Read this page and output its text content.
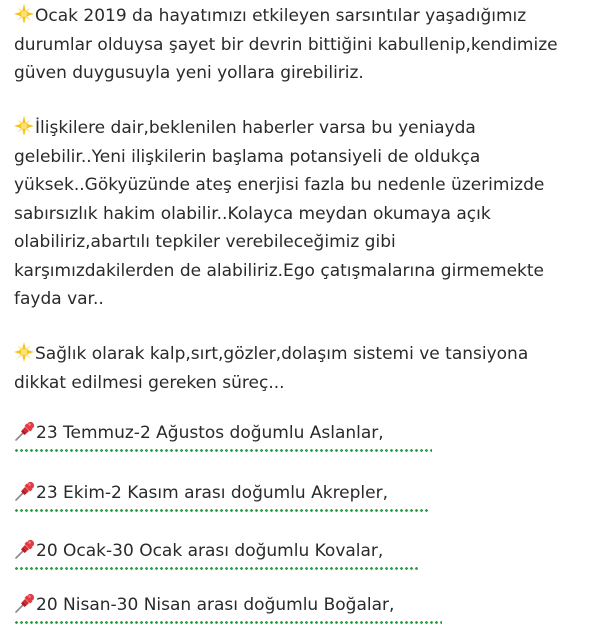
Ocak 2019 da hayatımızı etkileyen sarsıntılar yaşadığımız
durumlar olduysa şayet bir devrin bittiğini kabullenip,kendimize
güven duygusuyla yeni yollara girebiliriz.
İlişkilere dair,beklenilen haberler varsa bu yeniayda
gelebilir..Yeni ilişkilerin başlama potansiyeli de oldukça
yüksek..Gökyüzünde ateş enerjisi fazla bu nedenle üzerimizde
sabırsızlık hakim olabilir..Kolayca meydan okumaya açık
olabiliriz,abartılı tepkiler verebileceğimiz gibi
karşımızdakilerden de alabiliriz.Ego çatışmalarına girmemekte
fayda var..
Sağlık olarak kalp,sırt,gözler,dolaşım sistemi ve tansiyona
dikkat edilmesi gereken süreç...
23 Temmuz-2 Ağustos doğumlu Aslanlar,
23 Ekim-2 Kasım arası doğumlu Akrepler,
20 Ocak-30 Ocak arası doğumlu Kovalar,
20 Nisan-30 Nisan arası doğumlu Boğalar,
